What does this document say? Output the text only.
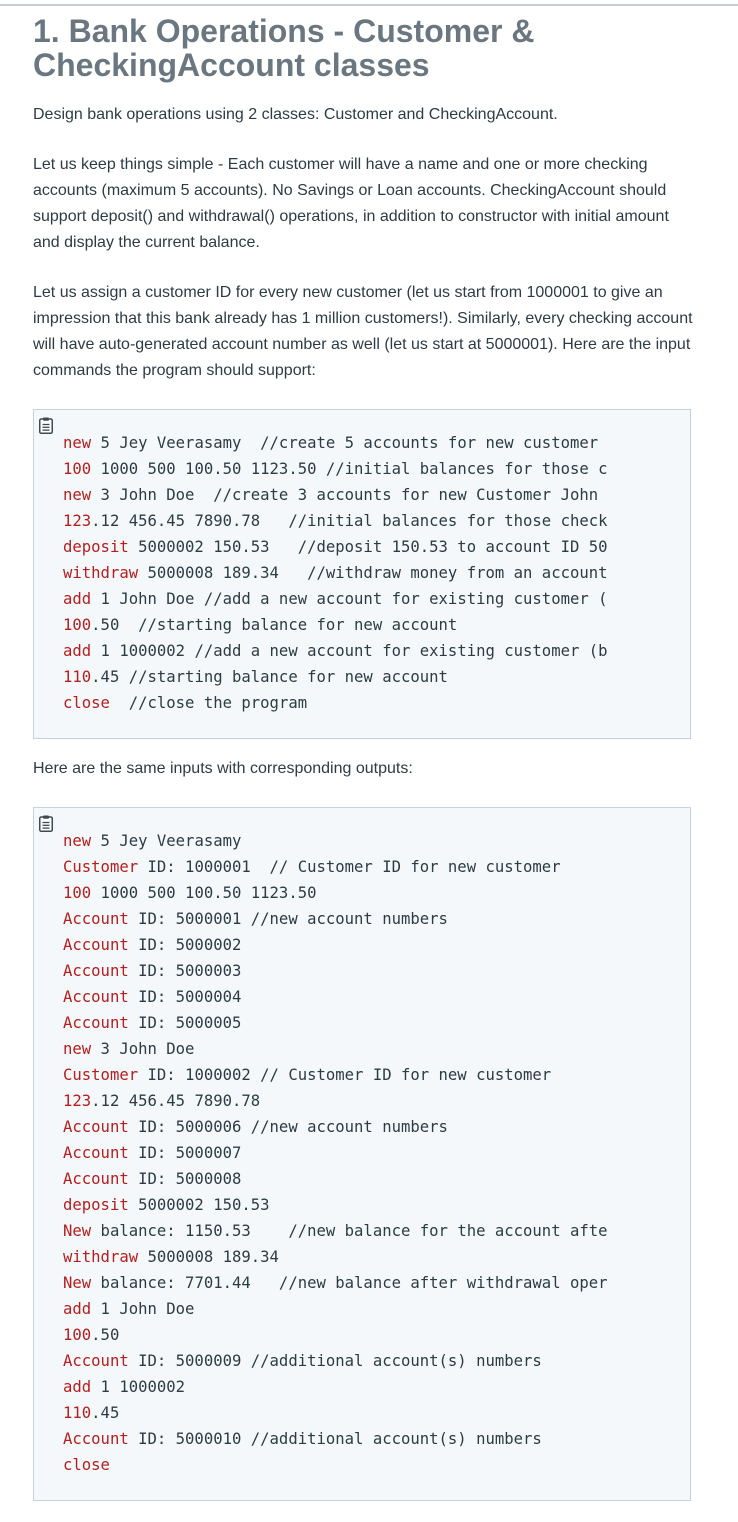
1. Bank Operations - Customer & CheckingAccount classes

Design bank operations using 2 classes: Customer and CheckingAccount.

Let us keep things simple - Each customer will have a name and one or more checking accounts (maximum 5 accounts). No Savings or Loan accounts. CheckingAccount should support deposit() and withdrawal() operations, in addition to constructor with initial amount and display the current balance.

Let us assign a customer ID for every new customer (let us start from 1000001 to give an impression that this bank already has 1 million customers!). Similarly, every checking account will have auto-generated account number as well (let us start at 5000001). Here are the input commands the program should support:

new 5 Jey Veerasamy  //create 5 accounts for new customer
100 1000 500 100.50 1123.50 //initial balances for those c
new 3 John Doe  //create 3 accounts for new Customer John
123.12 456.45 7890.78   //initial balances for those check
deposit 5000002 150.53   //deposit 150.53 to account ID 50
withdraw 5000008 189.34   //withdraw money from an account
add 1 John Doe //add a new account for existing customer (
100.50  //starting balance for new account
add 1 1000002 //add a new account for existing customer (b
110.45 //starting balance for new account
close  //close the program

Here are the same inputs with corresponding outputs:

new 5 Jey Veerasamy
Customer ID: 1000001  // Customer ID for new customer
100 1000 500 100.50 1123.50
Account ID: 5000001 //new account numbers
Account ID: 5000002
Account ID: 5000003
Account ID: 5000004
Account ID: 5000005
new 3 John Doe
Customer ID: 1000002 // Customer ID for new customer
123.12 456.45 7890.78
Account ID: 5000006 //new account numbers
Account ID: 5000007
Account ID: 5000008
deposit 5000002 150.53
New balance: 1150.53    //new balance for the account afte
withdraw 5000008 189.34
New balance: 7701.44   //new balance after withdrawal oper
add 1 John Doe
100.50
Account ID: 5000009 //additional account(s) numbers
add 1 1000002
110.45
Account ID: 5000010 //additional account(s) numbers
close
